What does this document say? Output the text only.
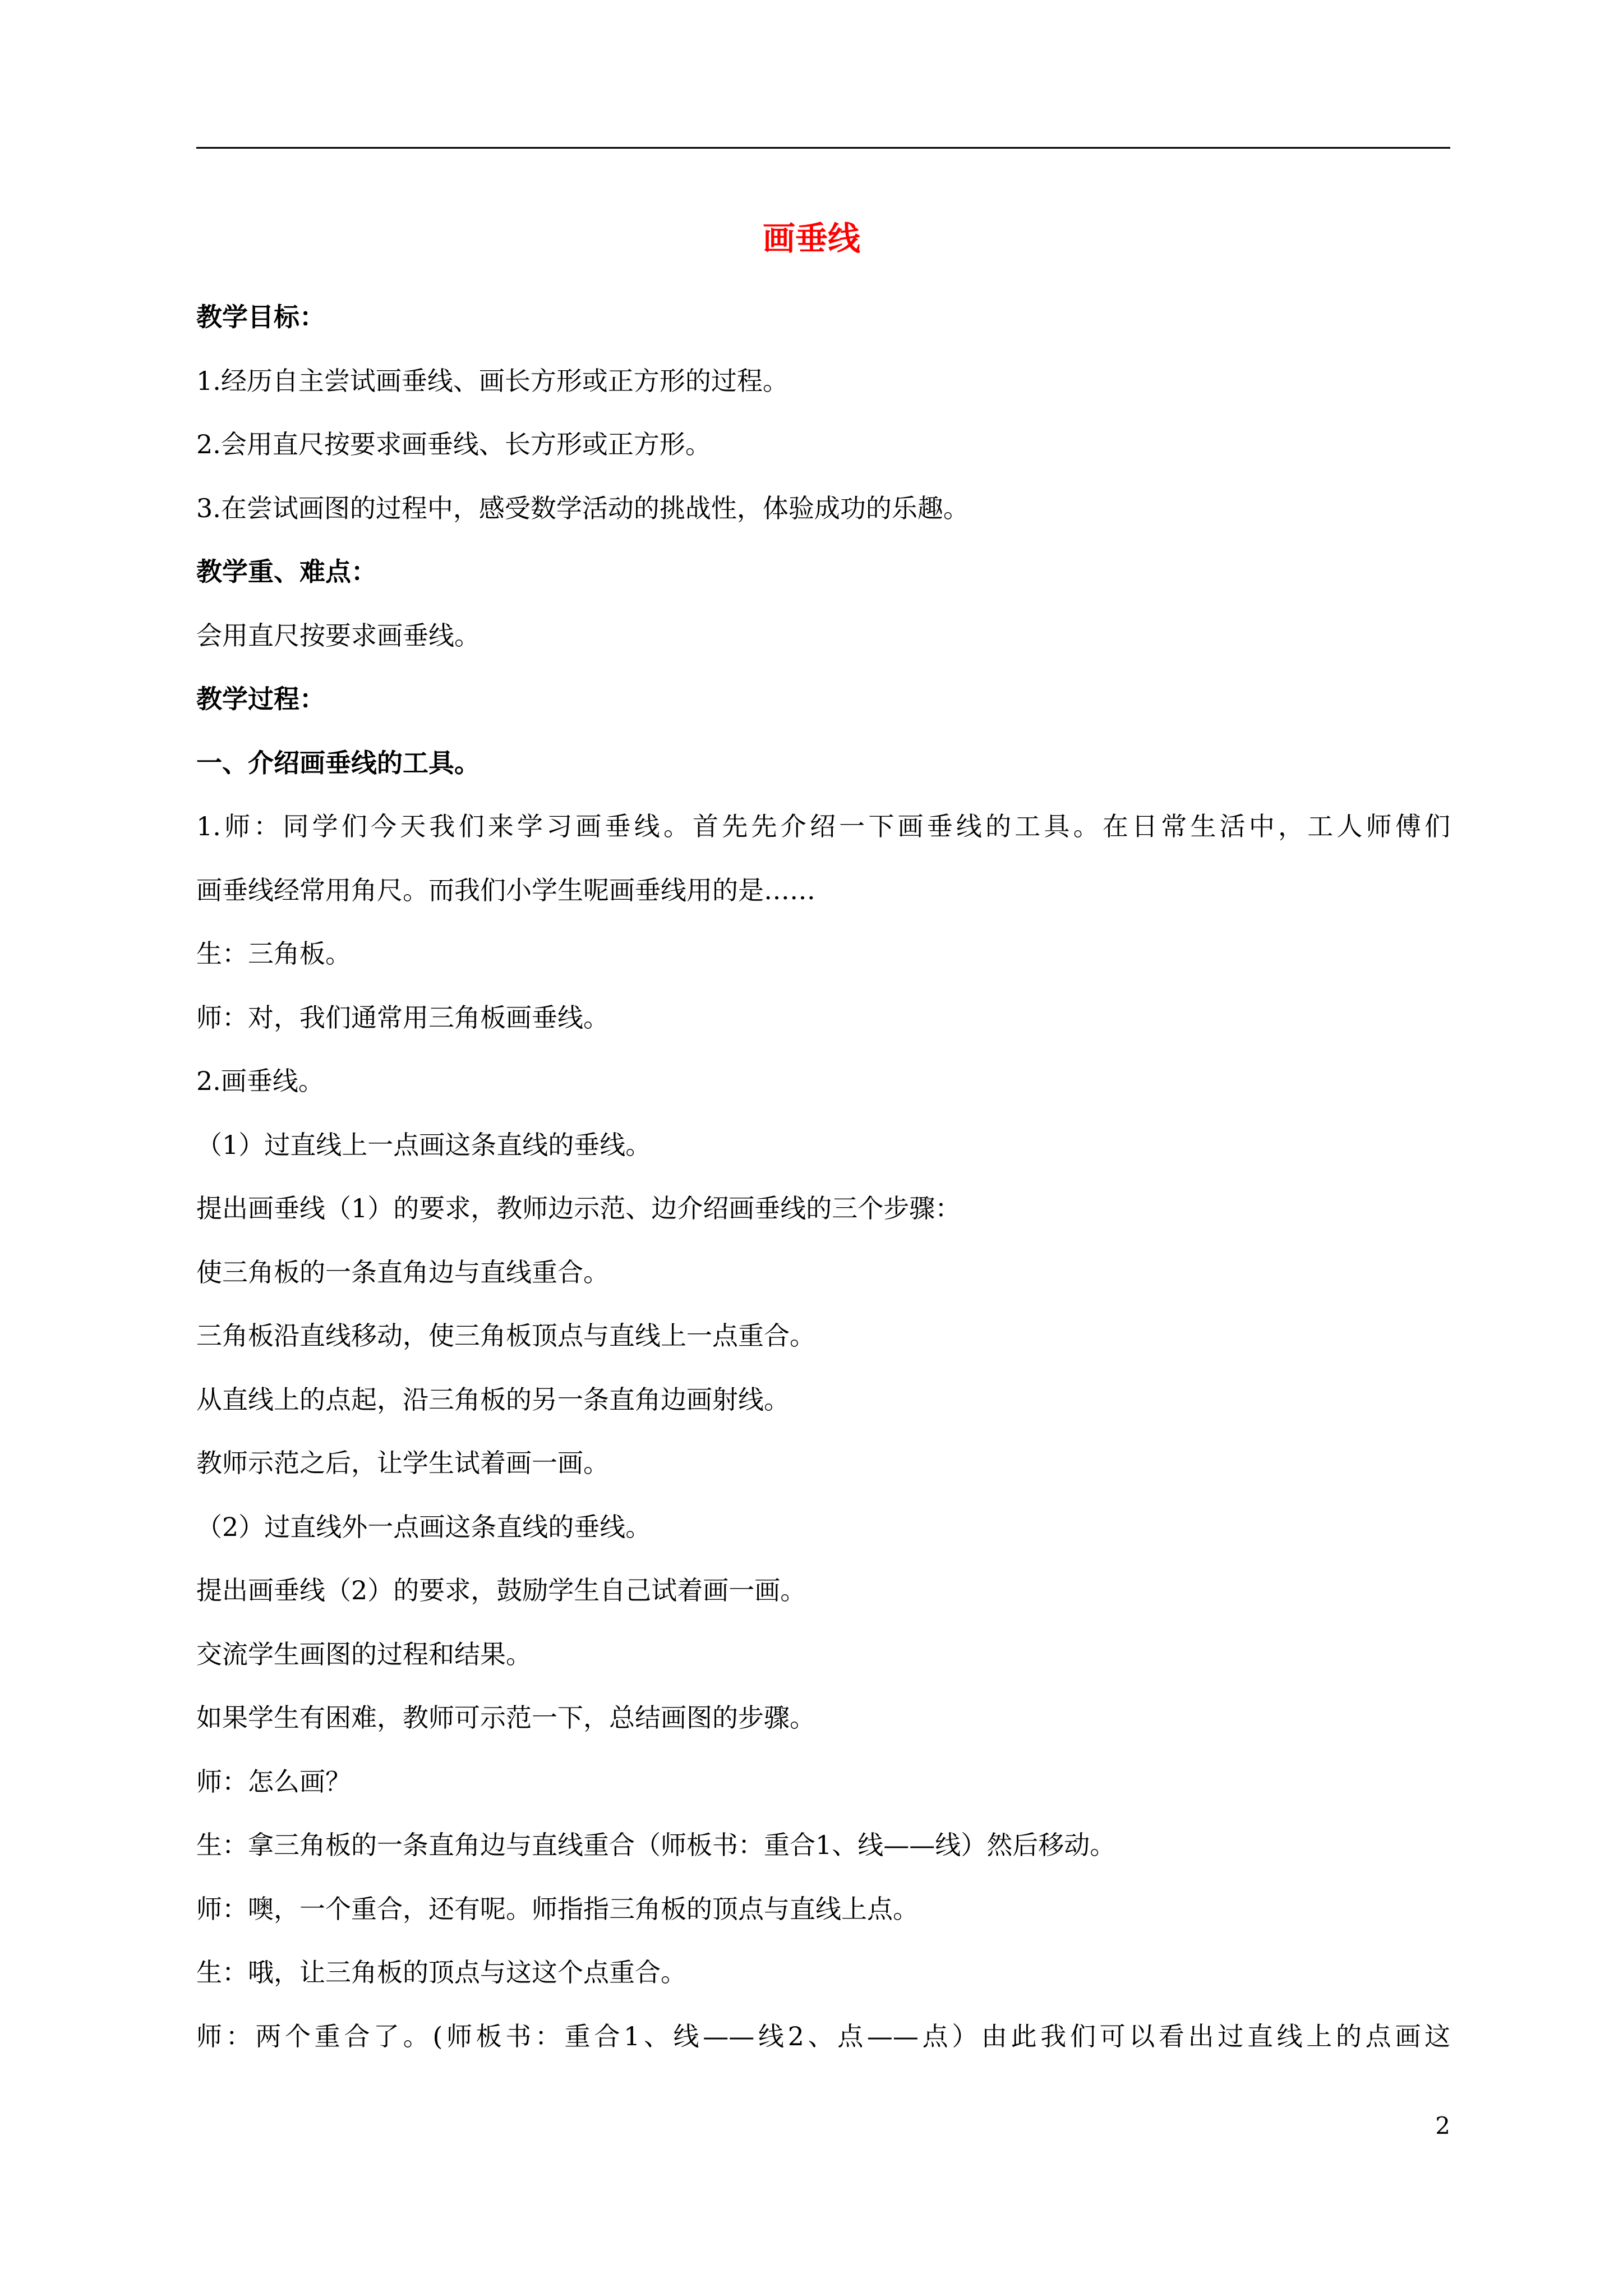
画垂线
教学目标：
1.经历自主尝试画垂线、画长方形或正方形的过程。
2.会用直尺按要求画垂线、长方形或正方形。
3.在尝试画图的过程中，感受数学活动的挑战性，体验成功的乐趣。
教学重、难点：
会用直尺按要求画垂线。
教学过程：
一、介绍画垂线的工具。
1.师：同学们今天我们来学习画垂线。首先先介绍一下画垂线的工具。在日常生活中，工人师傅们
画垂线经常用角尺。而我们小学生呢画垂线用的是……
生：三角板。
师：对，我们通常用三角板画垂线。
2.画垂线。
（1）过直线上一点画这条直线的垂线。
提出画垂线（1）的要求，教师边示范、边介绍画垂线的三个步骤：
使三角板的一条直角边与直线重合。
三角板沿直线移动，使三角板顶点与直线上一点重合。
从直线上的点起，沿三角板的另一条直角边画射线。
教师示范之后，让学生试着画一画。
（2）过直线外一点画这条直线的垂线。
提出画垂线（2）的要求，鼓励学生自己试着画一画。
交流学生画图的过程和结果。
如果学生有困难，教师可示范一下，总结画图的步骤。
师：怎么画？
生：拿三角板的一条直角边与直线重合（师板书：重合1、线——线）然后移动。
师：噢，一个重合，还有呢。师指指三角板的顶点与直线上点。
生：哦，让三角板的顶点与这这个点重合。
师：两个重合了。(师板书：重合1、线——线2、点——点）由此我们可以看出过直线上的点画这
2
